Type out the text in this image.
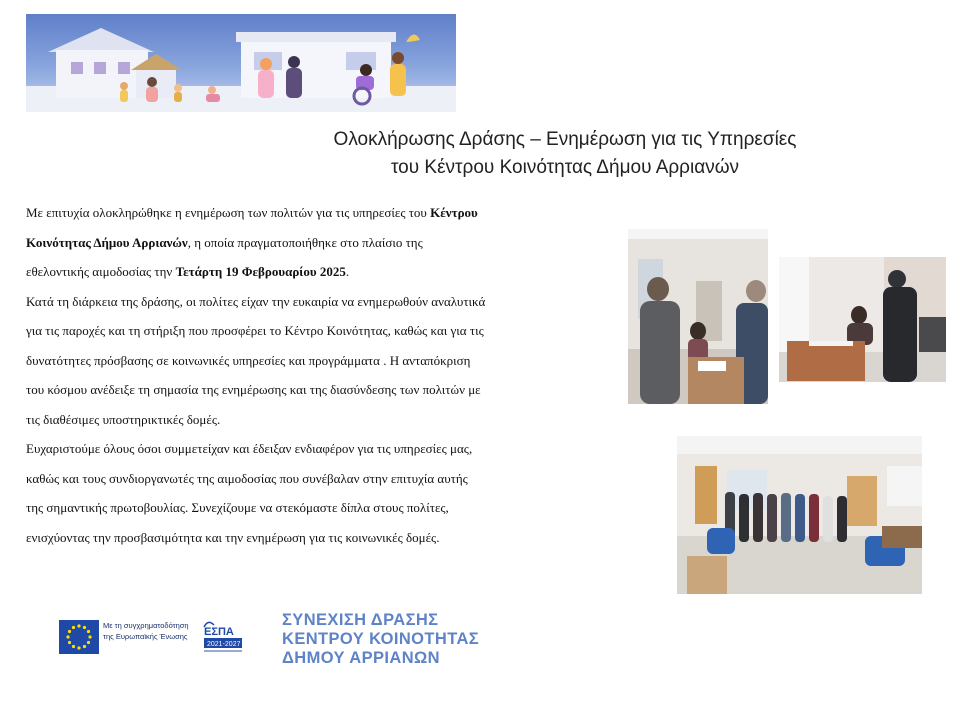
Ολοκλήρωσης Δράσης – Ενημέρωση για τις Υπηρεσίες
του Κέντρου Κοινότητας Δήμου Αρριανών

Με επιτυχία ολοκληρώθηκε η ενημέρωση των πολιτών για τις υπηρεσίες του Κέντρου

Κοινότητας Δήμου Αρριανών, η οποία πραγματοποιήθηκε στο πλαίσιο της

εθελοντικής αιμοδοσίας την Τετάρτη 19 Φεβρουαρίου 2025.

Κατά τη διάρκεια της δράσης, οι πολίτες είχαν την ευκαιρία να ενημερωθούν αναλυτικά

για τις παροχές και τη στήριξη που προσφέρει το Κέντρο Κοινότητας, καθώς και για τις

δυνατότητες πρόσβασης σε κοινωνικές υπηρεσίες και προγράμματα . Η ανταπόκριση

του κόσμου ανέδειξε τη σημασία της ενημέρωσης και της διασύνδεσης των πολιτών με

τις διαθέσιμες υποστηρικτικές δομές.

Ευχαριστούμε όλους όσοι συμμετείχαν και έδειξαν ενδιαφέρον για τις υπηρεσίες μας,

καθώς και τους συνδιοργανωτές της αιμοδοσίας που συνέβαλαν στην επιτυχία αυτής

της σημαντικής πρωτοβουλίας. Συνεχίζουμε να στεκόμαστε δίπλα στους πολίτες,

ενισχύοντας την προσβασιμότητα και την ενημέρωση για τις κοινωνικές δομές.

Με τη συγχρηματοδότηση
της Ευρωπαϊκής Ένωσης	ΕΣΠΑ
2021-2027
ΣΥΝΕΧΙΣΗ ΔΡΑΣΗΣ
ΚΕΝΤΡΟΥ ΚΟΙΝΟΤΗΤΑΣ
ΔΗΜΟΥ ΑΡΡΙΑΝΩΝ
